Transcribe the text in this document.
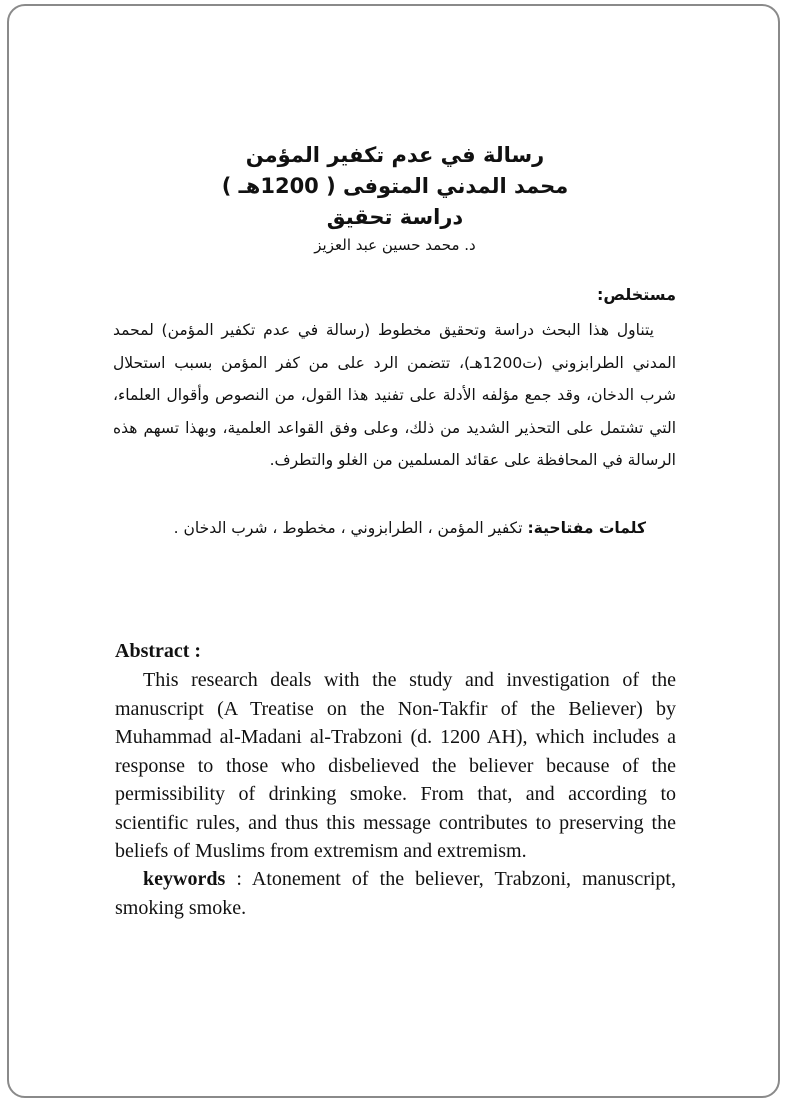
رسالة في عدم تكفير المؤمن

محمد المدني المتوفى ( 1200هـ )

دراسة تحقيق

د. محمد حسين عبد العزيز

مستخلص:

يتناول هذا البحث دراسة وتحقيق مخطوط (رسالة في عدم تكفير المؤمن) لمحمد المدني الطرابزوني (ت1200هـ)، تتضمن الرد على من كفر المؤمن بسبب استحلال شرب الدخان، وقد جمع مؤلفه الأدلة على تفنيد هذا القول، من النصوص وأقوال العلماء، التي تشتمل على التحذير الشديد من ذلك، وعلى وفق القواعد العلمية، وبهذا تسهم هذه الرسالة في المحافظة على عقائد المسلمين من الغلو والتطرف.

كلمات مفتاحية: تكفير المؤمن ، الطرابزوني ، مخطوط ، شرب الدخان .

Abstract :

This research deals with the study and investigation of the manuscript (A Treatise on the Non-Takfir of the Believer) by Muhammad al-Madani al-Trabzoni (d. 1200 AH), which includes a response to those who disbelieved the believer because of the permissibility of drinking smoke. From that, and according to scientific rules, and thus this message contributes to preserving the beliefs of Muslims from extremism and extremism.

keywords : Atonement of the believer, Trabzoni, manuscript, smoking smoke.
